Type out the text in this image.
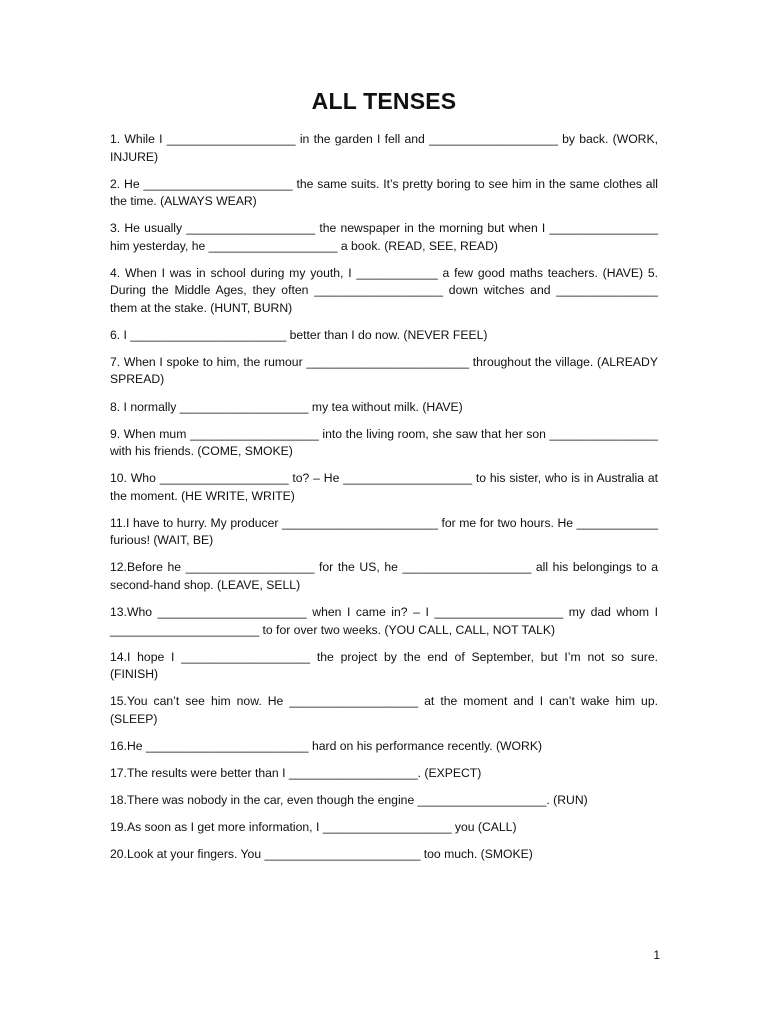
ALL TENSES

1. While I ___________________ in the garden I fell and ___________________ by back. (WORK, INJURE)

2. He ______________________ the same suits. It’s pretty boring to see him in the same clothes all the time. (ALWAYS WEAR)

3. He usually ___________________ the newspaper in the morning but when I ________________ him yesterday, he ___________________ a book. (READ, SEE, READ)

4. When I was in school during my youth, I ____________ a few good maths teachers. (HAVE) 5. During the Middle Ages, they often ___________________ down witches and _______________ them at the stake. (HUNT, BURN)

6. I _______________________ better than I do now. (NEVER FEEL)

7. When I spoke to him, the rumour ________________________ throughout the village. (ALREADY SPREAD)

8. I normally ___________________ my tea without milk. (HAVE)

9. When mum ___________________ into the living room, she saw that her son ________________ with his friends. (COME, SMOKE)

10. Who ___________________ to? – He ___________________ to his sister, who is in Australia at the moment. (HE WRITE, WRITE)

11.I have to hurry. My producer _______________________ for me for two hours. He ____________ furious! (WAIT, BE)

12.Before he ___________________ for the US, he ___________________ all his belongings to a second-hand shop. (LEAVE, SELL)

13.Who ______________________ when I came in? – I ___________________ my dad whom I ______________________ to for over two weeks. (YOU CALL, CALL, NOT TALK)

14.I hope I ___________________ the project by the end of September, but I’m not so sure. (FINISH)

15.You can’t see him now. He ___________________ at the moment and I can’t wake him up. (SLEEP)

16.He ________________________ hard on his performance recently. (WORK)

17.The results were better than I ___________________. (EXPECT)

18.There was nobody in the car, even though the engine ___________________. (RUN)

19.As soon as I get more information, I ___________________ you (CALL)

20.Look at your fingers. You _______________________ too much. (SMOKE)

1
